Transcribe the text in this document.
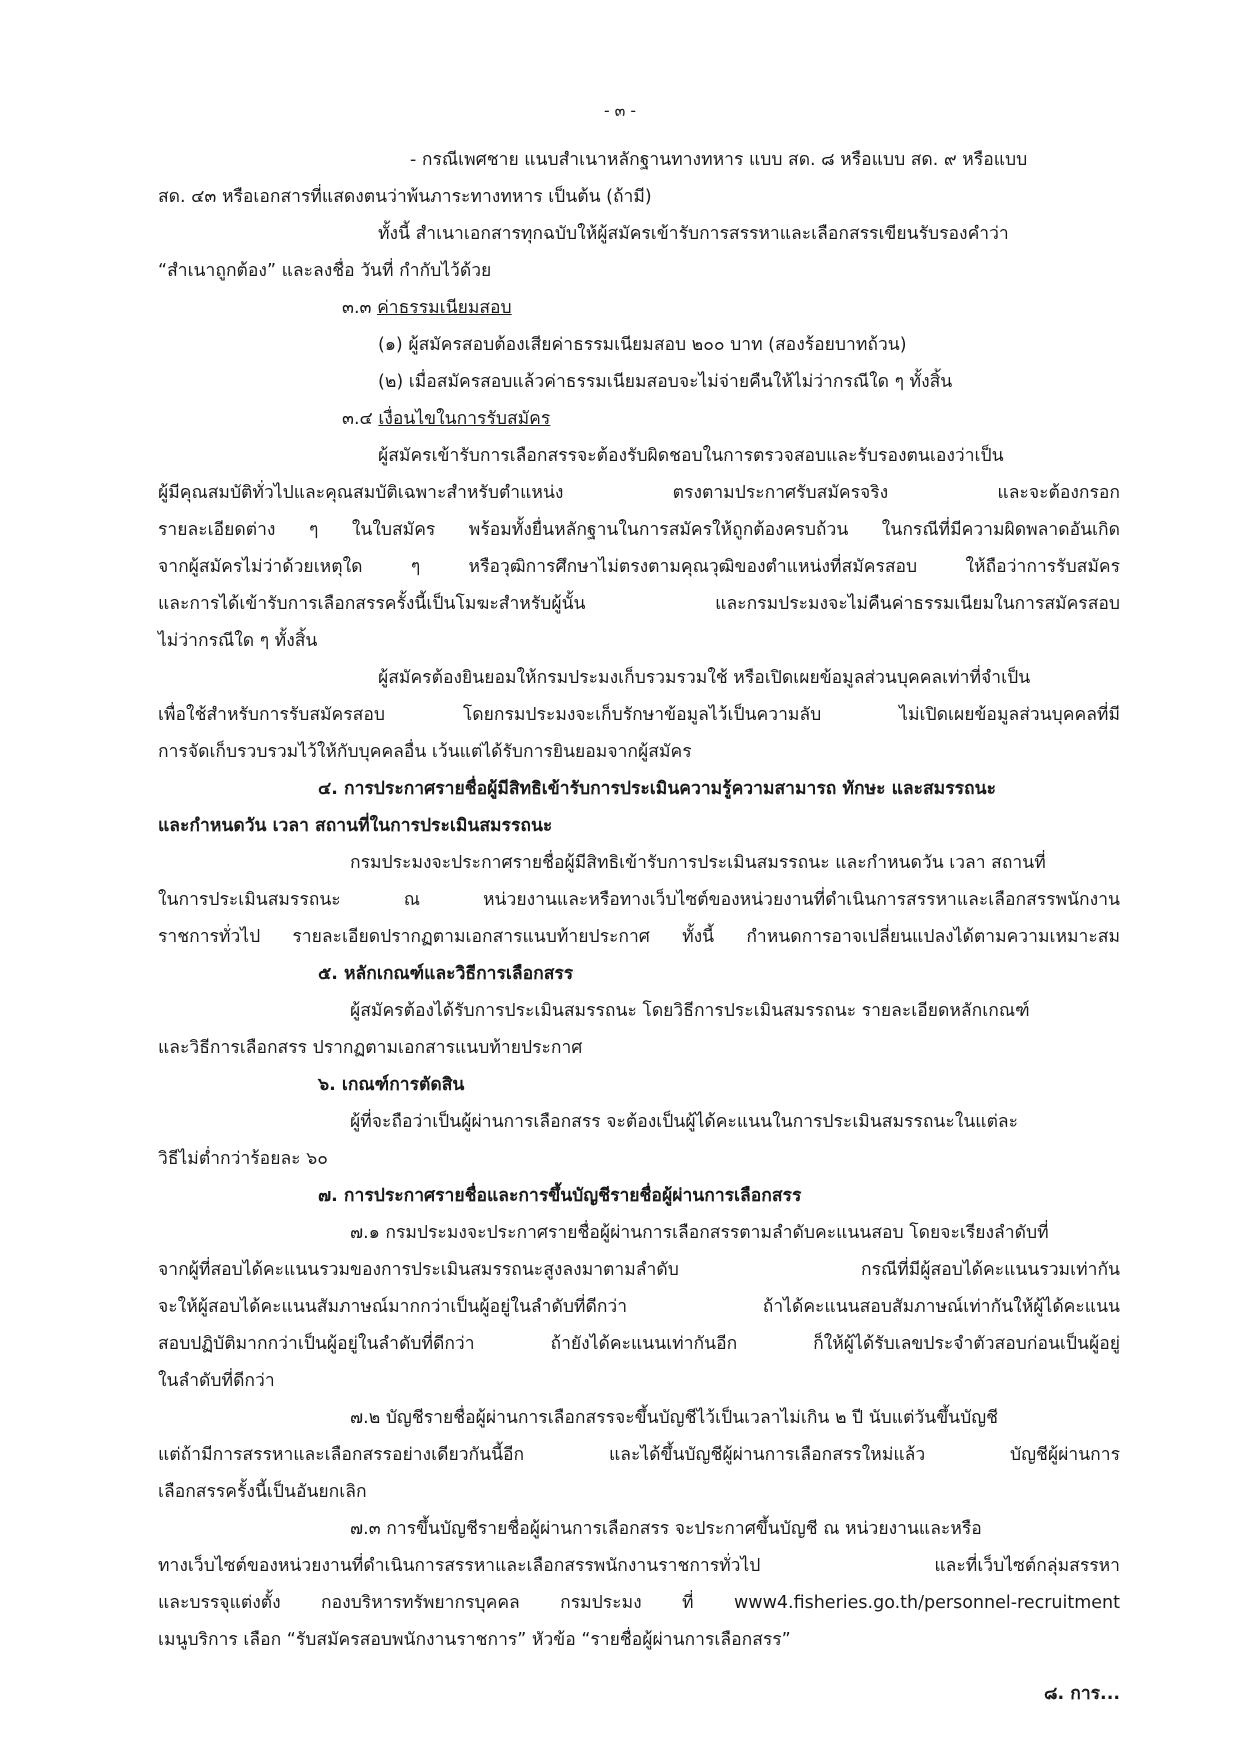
- ๓ -
- กรณีเพศชาย แนบสำเนาหลักฐานทางทหาร แบบ สด. ๘ หรือแบบ สด. ๙ หรือแบบ
สด. ๔๓ หรือเอกสารที่แสดงตนว่าพ้นภาระทางทหาร เป็นต้น (ถ้ามี)
ทั้งนี้ สำเนาเอกสารทุกฉบับให้ผู้สมัครเข้ารับการสรรหาและเลือกสรรเขียนรับรองคำว่า
“สำเนาถูกต้อง” และลงชื่อ วันที่ กำกับไว้ด้วย
๓.๓ ค่าธรรมเนียมสอบ
(๑) ผู้สมัครสอบต้องเสียค่าธรรมเนียมสอบ ๒๐๐ บาท (สองร้อยบาทถ้วน)
(๒) เมื่อสมัครสอบแล้วค่าธรรมเนียมสอบจะไม่จ่ายคืนให้ไม่ว่ากรณีใด ๆ ทั้งสิ้น
๓.๔ เงื่อนไขในการรับสมัคร
ผู้สมัครเข้ารับการเลือกสรรจะต้องรับผิดชอบในการตรวจสอบและรับรองตนเองว่าเป็น
ผู้มีคุณสมบัติทั่วไปและคุณสมบัติเฉพาะสำหรับตำแหน่ง ตรงตามประกาศรับสมัครจริง และจะต้องกรอก
รายละเอียดต่าง ๆ ในใบสมัคร พร้อมทั้งยื่นหลักฐานในการสมัครให้ถูกต้องครบถ้วน ในกรณีที่มีความผิดพลาดอันเกิด
จากผู้สมัครไม่ว่าด้วยเหตุใด ๆ หรือวุฒิการศึกษาไม่ตรงตามคุณวุฒิของตำแหน่งที่สมัครสอบ ให้ถือว่าการรับสมัคร
และการได้เข้ารับการเลือกสรรครั้งนี้เป็นโมฆะสำหรับผู้นั้น และกรมประมงจะไม่คืนค่าธรรมเนียมในการสมัครสอบ
ไม่ว่ากรณีใด ๆ ทั้งสิ้น
ผู้สมัครต้องยินยอมให้กรมประมงเก็บรวมรวมใช้ หรือเปิดเผยข้อมูลส่วนบุคคลเท่าที่จำเป็น
เพื่อใช้สำหรับการรับสมัครสอบ โดยกรมประมงจะเก็บรักษาข้อมูลไว้เป็นความลับ ไม่เปิดเผยข้อมูลส่วนบุคคลที่มี
การจัดเก็บรวบรวมไว้ให้กับบุคคลอื่น เว้นแต่ได้รับการยินยอมจากผู้สมัคร
๔. การประกาศรายชื่อผู้มีสิทธิเข้ารับการประเมินความรู้ความสามารถ ทักษะ และสมรรถนะ
และกำหนดวัน เวลา สถานที่ในการประเมินสมรรถนะ
กรมประมงจะประกาศรายชื่อผู้มีสิทธิเข้ารับการประเมินสมรรถนะ และกำหนดวัน เวลา สถานที่
ในการประเมินสมรรถนะ ณ หน่วยงานและหรือทางเว็บไซต์ของหน่วยงานที่ดำเนินการสรรหาและเลือกสรรพนักงาน
ราชการทั่วไป รายละเอียดปรากฏตามเอกสารแนบท้ายประกาศ ทั้งนี้ กำหนดการอาจเปลี่ยนแปลงได้ตามความเหมาะสม
๕. หลักเกณฑ์และวิธีการเลือกสรร
ผู้สมัครต้องได้รับการประเมินสมรรถนะ โดยวิธีการประเมินสมรรถนะ รายละเอียดหลักเกณฑ์
และวิธีการเลือกสรร ปรากฏตามเอกสารแนบท้ายประกาศ
๖. เกณฑ์การตัดสิน
ผู้ที่จะถือว่าเป็นผู้ผ่านการเลือกสรร จะต้องเป็นผู้ได้คะแนนในการประเมินสมรรถนะในแต่ละ
วิธีไม่ต่ำกว่าร้อยละ ๖๐
๗. การประกาศรายชื่อและการขึ้นบัญชีรายชื่อผู้ผ่านการเลือกสรร
๗.๑ กรมประมงจะประกาศรายชื่อผู้ผ่านการเลือกสรรตามลำดับคะแนนสอบ โดยจะเรียงลำดับที่
จากผู้ที่สอบได้คะแนนรวมของการประเมินสมรรถนะสูงลงมาตามลำดับ กรณีที่มีผู้สอบได้คะแนนรวมเท่ากัน
จะให้ผู้สอบได้คะแนนสัมภาษณ์มากกว่าเป็นผู้อยู่ในลำดับที่ดีกว่า ถ้าได้คะแนนสอบสัมภาษณ์เท่ากันให้ผู้ได้คะแนน
สอบปฏิบัติมากกว่าเป็นผู้อยู่ในลำดับที่ดีกว่า ถ้ายังได้คะแนนเท่ากันอีก ก็ให้ผู้ได้รับเลขประจำตัวสอบก่อนเป็นผู้อยู่
ในลำดับที่ดีกว่า
๗.๒ บัญชีรายชื่อผู้ผ่านการเลือกสรรจะขึ้นบัญชีไว้เป็นเวลาไม่เกิน ๒ ปี นับแต่วันขึ้นบัญชี
แต่ถ้ามีการสรรหาและเลือกสรรอย่างเดียวกันนี้อีก และได้ขึ้นบัญชีผู้ผ่านการเลือกสรรใหม่แล้ว บัญชีผู้ผ่านการ
เลือกสรรครั้งนี้เป็นอันยกเลิก
๗.๓ การขึ้นบัญชีรายชื่อผู้ผ่านการเลือกสรร จะประกาศขึ้นบัญชี ณ หน่วยงานและหรือ
ทางเว็บไซต์ของหน่วยงานที่ดำเนินการสรรหาและเลือกสรรพนักงานราชการทั่วไป และที่เว็บไซต์กลุ่มสรรหา
และบรรจุแต่งตั้ง กองบริหารทรัพยากรบุคคล กรมประมง ที่ www4.fisheries.go.th/personnel-recruitment
เมนูบริการ เลือก “รับสมัครสอบพนักงานราชการ” หัวข้อ “รายชื่อผู้ผ่านการเลือกสรร”
๘. การ...
